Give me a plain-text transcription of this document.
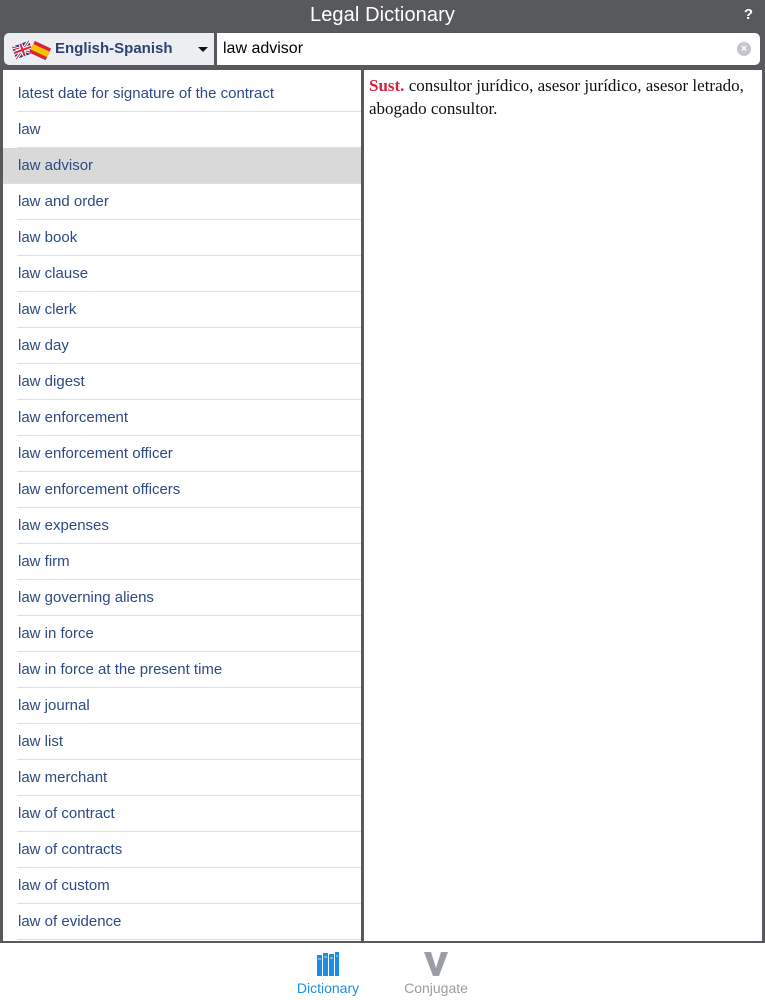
Legal Dictionary	?
English-Spanish
law advisor	×
latest date for signature of the contract
law
law advisor
law and order
law book
law clause
law clerk
law day
law digest
law enforcement
law enforcement officer
law enforcement officers
law expenses
law firm
law governing aliens
law in force
law in force at the present time
law journal
law list
law merchant
law of contract
law of contracts
law of custom
law of evidence

Sust. consultor jurídico, asesor jurídico, asesor letrado, abogado consultor.

Dictionary	Conjugate
